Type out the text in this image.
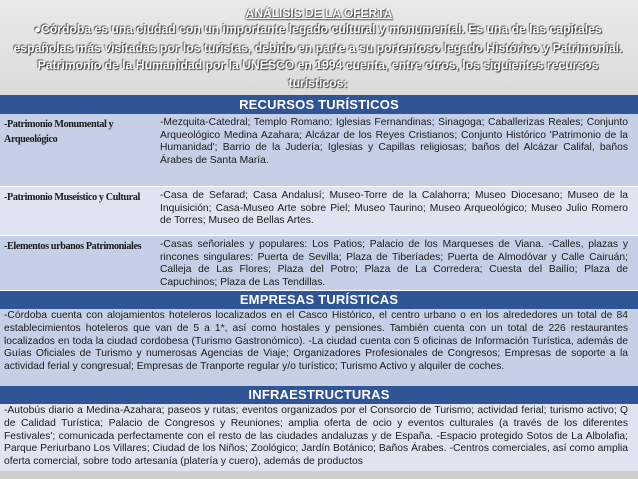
ANÁLISIS DE LA OFERTA
●Córdoba es una ciudad con un importante legado cultural y monumental. Es una de las capitales españolas más visitadas por los turistas, debido en parte a su portentoso legado Histórico y Patrimonial. Patrimonio de la Humanidad por la UNESCO en 1994 cuenta, entre otros, los siguientes recursos turísticos:
RECURSOS TURÍSTICOS
-Patrimonio Monumental y Arqueológico
-Mezquita-Catedral; Templo Romano; Iglesias Fernandinas; Sinagoga; Caballerizas Reales; Conjunto Arqueológico Medina Azahara; Alcázar de los Reyes Cristianos; Conjunto Histórico 'Patrimonio de la Humanidad'; Barrio de la Judería; Iglesias y Capillas religiosas; baños del Alcázar Califal, baños Árabes de Santa María.
-Patrimonio Museístico y Cultural	-Casa de Sefarad; Casa Andalusí; Museo-Torre de la Calahorra; Museo Diocesano; Museo de la Inquisición; Casa-Museo Arte sobre Piel; Museo Taurino; Museo Arqueológico; Museo Julio Romero de Torres; Museo de Bellas Artes.
-Elementos urbanos Patrimoniales	-Casas señoriales y populares: Los Patios; Palacio de los Marqueses de Viana. -Calles, plazas y rincones singulares: Puerta de Sevilla; Plaza de Tiberíades; Puerta de Almodóvar y Calle Cairuán; Calleja de Las Flores; Plaza del Potro; Plaza de La Corredera; Cuesta del Bailío; Plaza de Capuchinos; Plaza de Las Tendillas.
EMPRESAS TURÍSTICAS
-Córdoba cuenta con alojamientos hoteleros localizados en el Casco Histórico, el centro urbano o en los alrededores un total de 84 establecimientos hoteleros que van de 5 a 1*, así como hostales y pensiones. También cuenta con un total de 226 restaurantes localizados en toda la ciudad cordobesa (Turismo Gastronómico). -La ciudad cuenta con 5 oficinas de Información Turística, además de Guías Oficiales de Turismo y numerosas Agencias de Viaje; Organizadores Profesionales de Congresos; Empresas de soporte a la actividad ferial y congresual; Empresas de Tranporte regular y/o turístico; Turismo Activo y alquiler de coches.
INFRAESTRUCTURAS
-Autobús diario a Medina-Azahara; paseos y rutas; eventos organizados por el Consorcio de Turismo; actividad ferial; turismo activo; Q de Calidad Turística; Palacio de Congresos y Reuniones; amplia oferta de ocio y eventos culturales (a través de los diferentes Festivales'; comunicada perfectamente con el resto de las ciudades andaluzas y de España. -Espacio protegido Sotos de La Albolafia; Parque Periurbano Los Villares; Ciudad de los Niños; Zoológico; Jardín Botánico; Baños Árabes. -Centros comerciales, así como amplia oferta comercial, sobre todo artesanía (platería y cuero), además de productos
